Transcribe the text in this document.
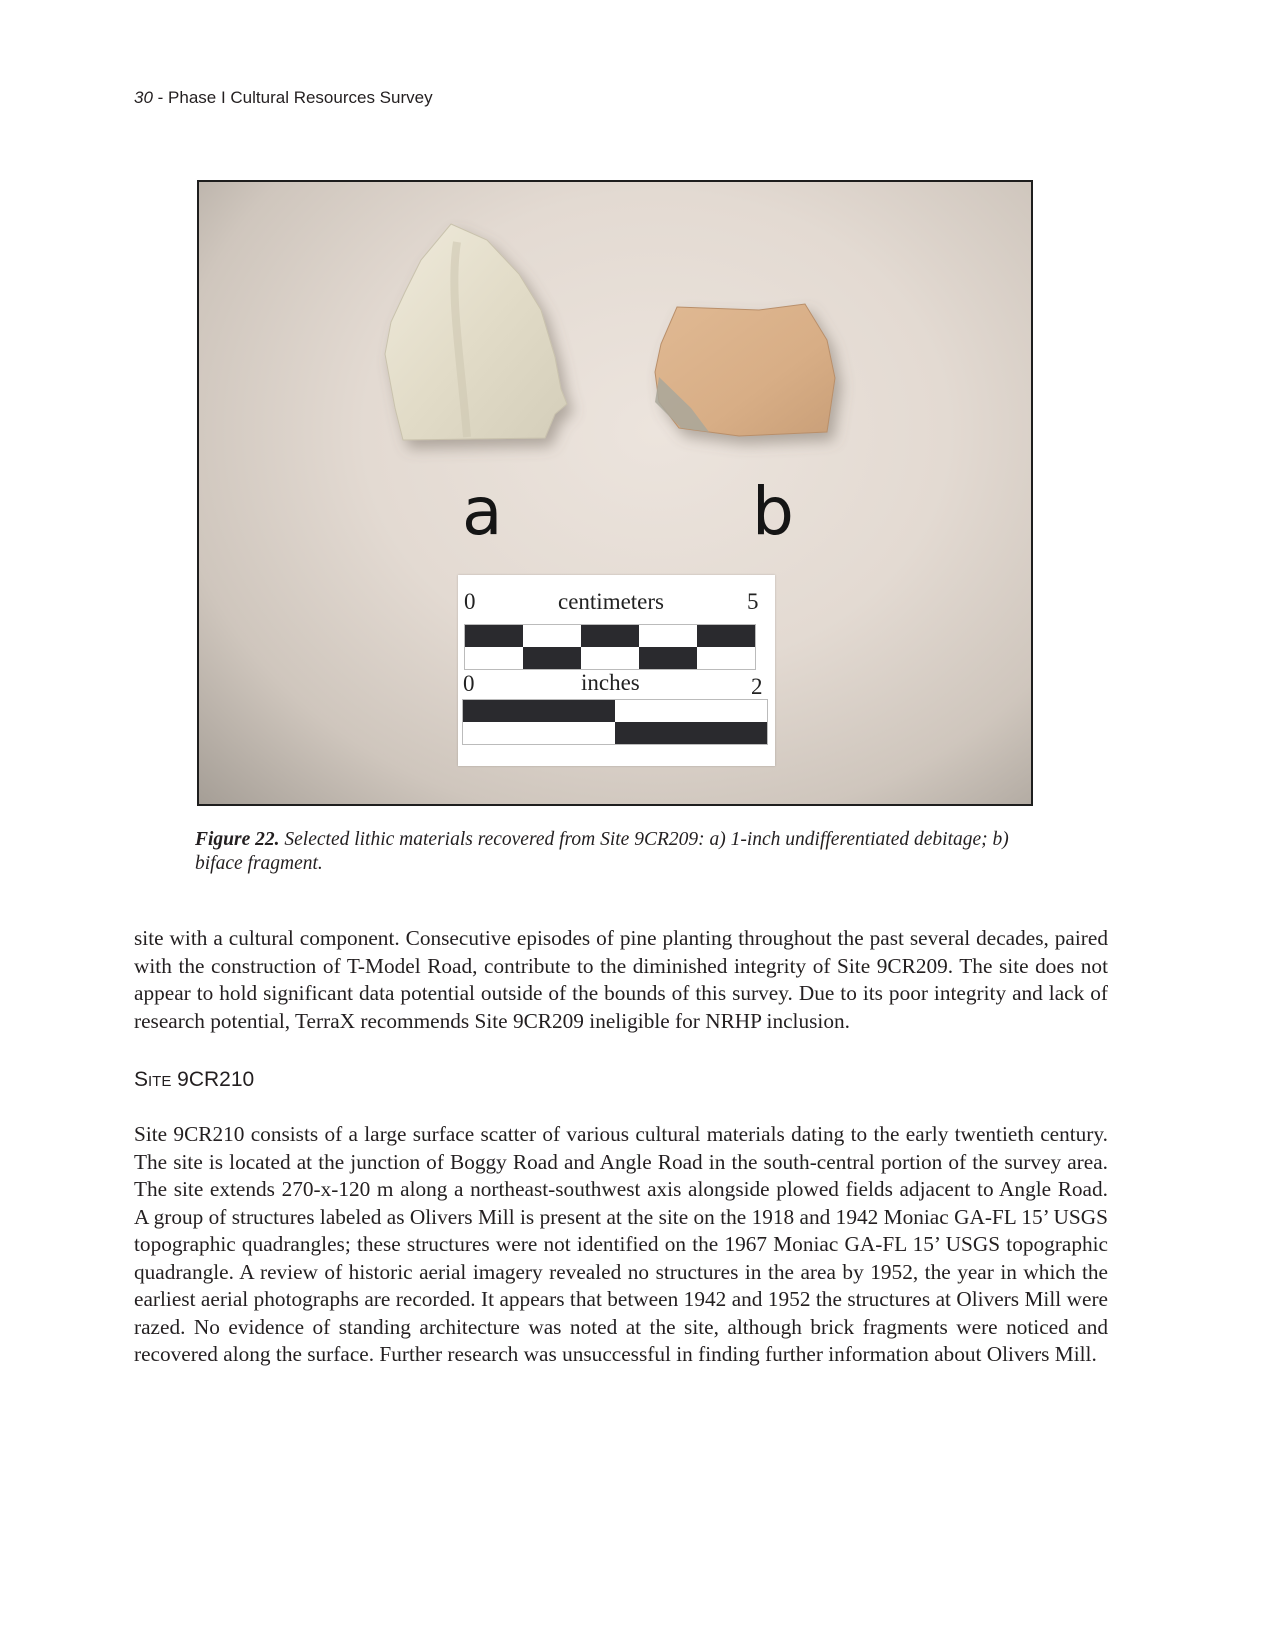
30 - Phase I Cultural Resources Survey
a	b
0	centimeters	5
0	inches	2
Figure 22. Selected lithic materials recovered from Site 9CR209: a) 1-inch undifferentiated debitage; b) biface fragment.

site with a cultural component. Consecutive episodes of pine planting throughout the past several decades, paired with the construction of T-Model Road, contribute to the diminished integrity of Site 9CR209. The site does not appear to hold significant data potential outside of the bounds of this survey. Due to its poor integrity and lack of research potential, TerraX recommends Site 9CR209 ineligible for NRHP inclusion.

Site 9CR210

Site 9CR210 consists of a large surface scatter of various cultural materials dating to the early twentieth century. The site is located at the junction of Boggy Road and Angle Road in the south-central portion of the survey area. The site extends 270-x-120 m along a northeast-southwest axis alongside plowed fields adjacent to Angle Road. A group of structures labeled as Olivers Mill is present at the site on the 1918 and 1942 Moniac GA-FL 15’ USGS topographic quadrangles; these structures were not identified on the 1967 Moniac GA-FL 15’ USGS topographic quadrangle. A review of historic aerial imagery revealed no structures in the area by 1952, the year in which the earliest aerial photographs are recorded. It appears that between 1942 and 1952 the structures at Olivers Mill were razed. No evidence of standing architecture was noted at the site, although brick fragments were noticed and recovered along the surface. Further research was unsuccessful in finding further information about Olivers Mill.
